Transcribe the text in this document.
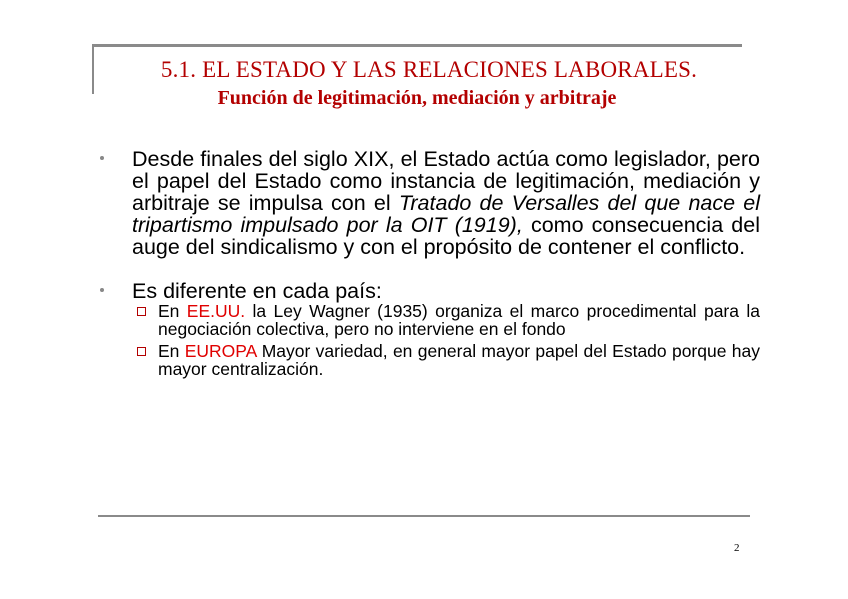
5.1. EL ESTADO Y LAS RELACIONES LABORALES.
Función de legitimación, mediación y arbitraje

Desde finales del siglo XIX, el Estado actúa como legislador, pero el papel del Estado como instancia de legitimación, mediación y arbitraje se impulsa con el Tratado de Versalles del que nace el tripartismo impulsado por la OIT (1919), como consecuencia del auge del sindicalismo y con el propósito de contener el conflicto.

Es diferente en cada país:

En EE.UU. la Ley Wagner (1935) organiza el marco procedimental para la negociación colectiva, pero no interviene en el fondo
En EUROPA Mayor variedad, en general mayor papel del Estado porque hay mayor centralización.
2
